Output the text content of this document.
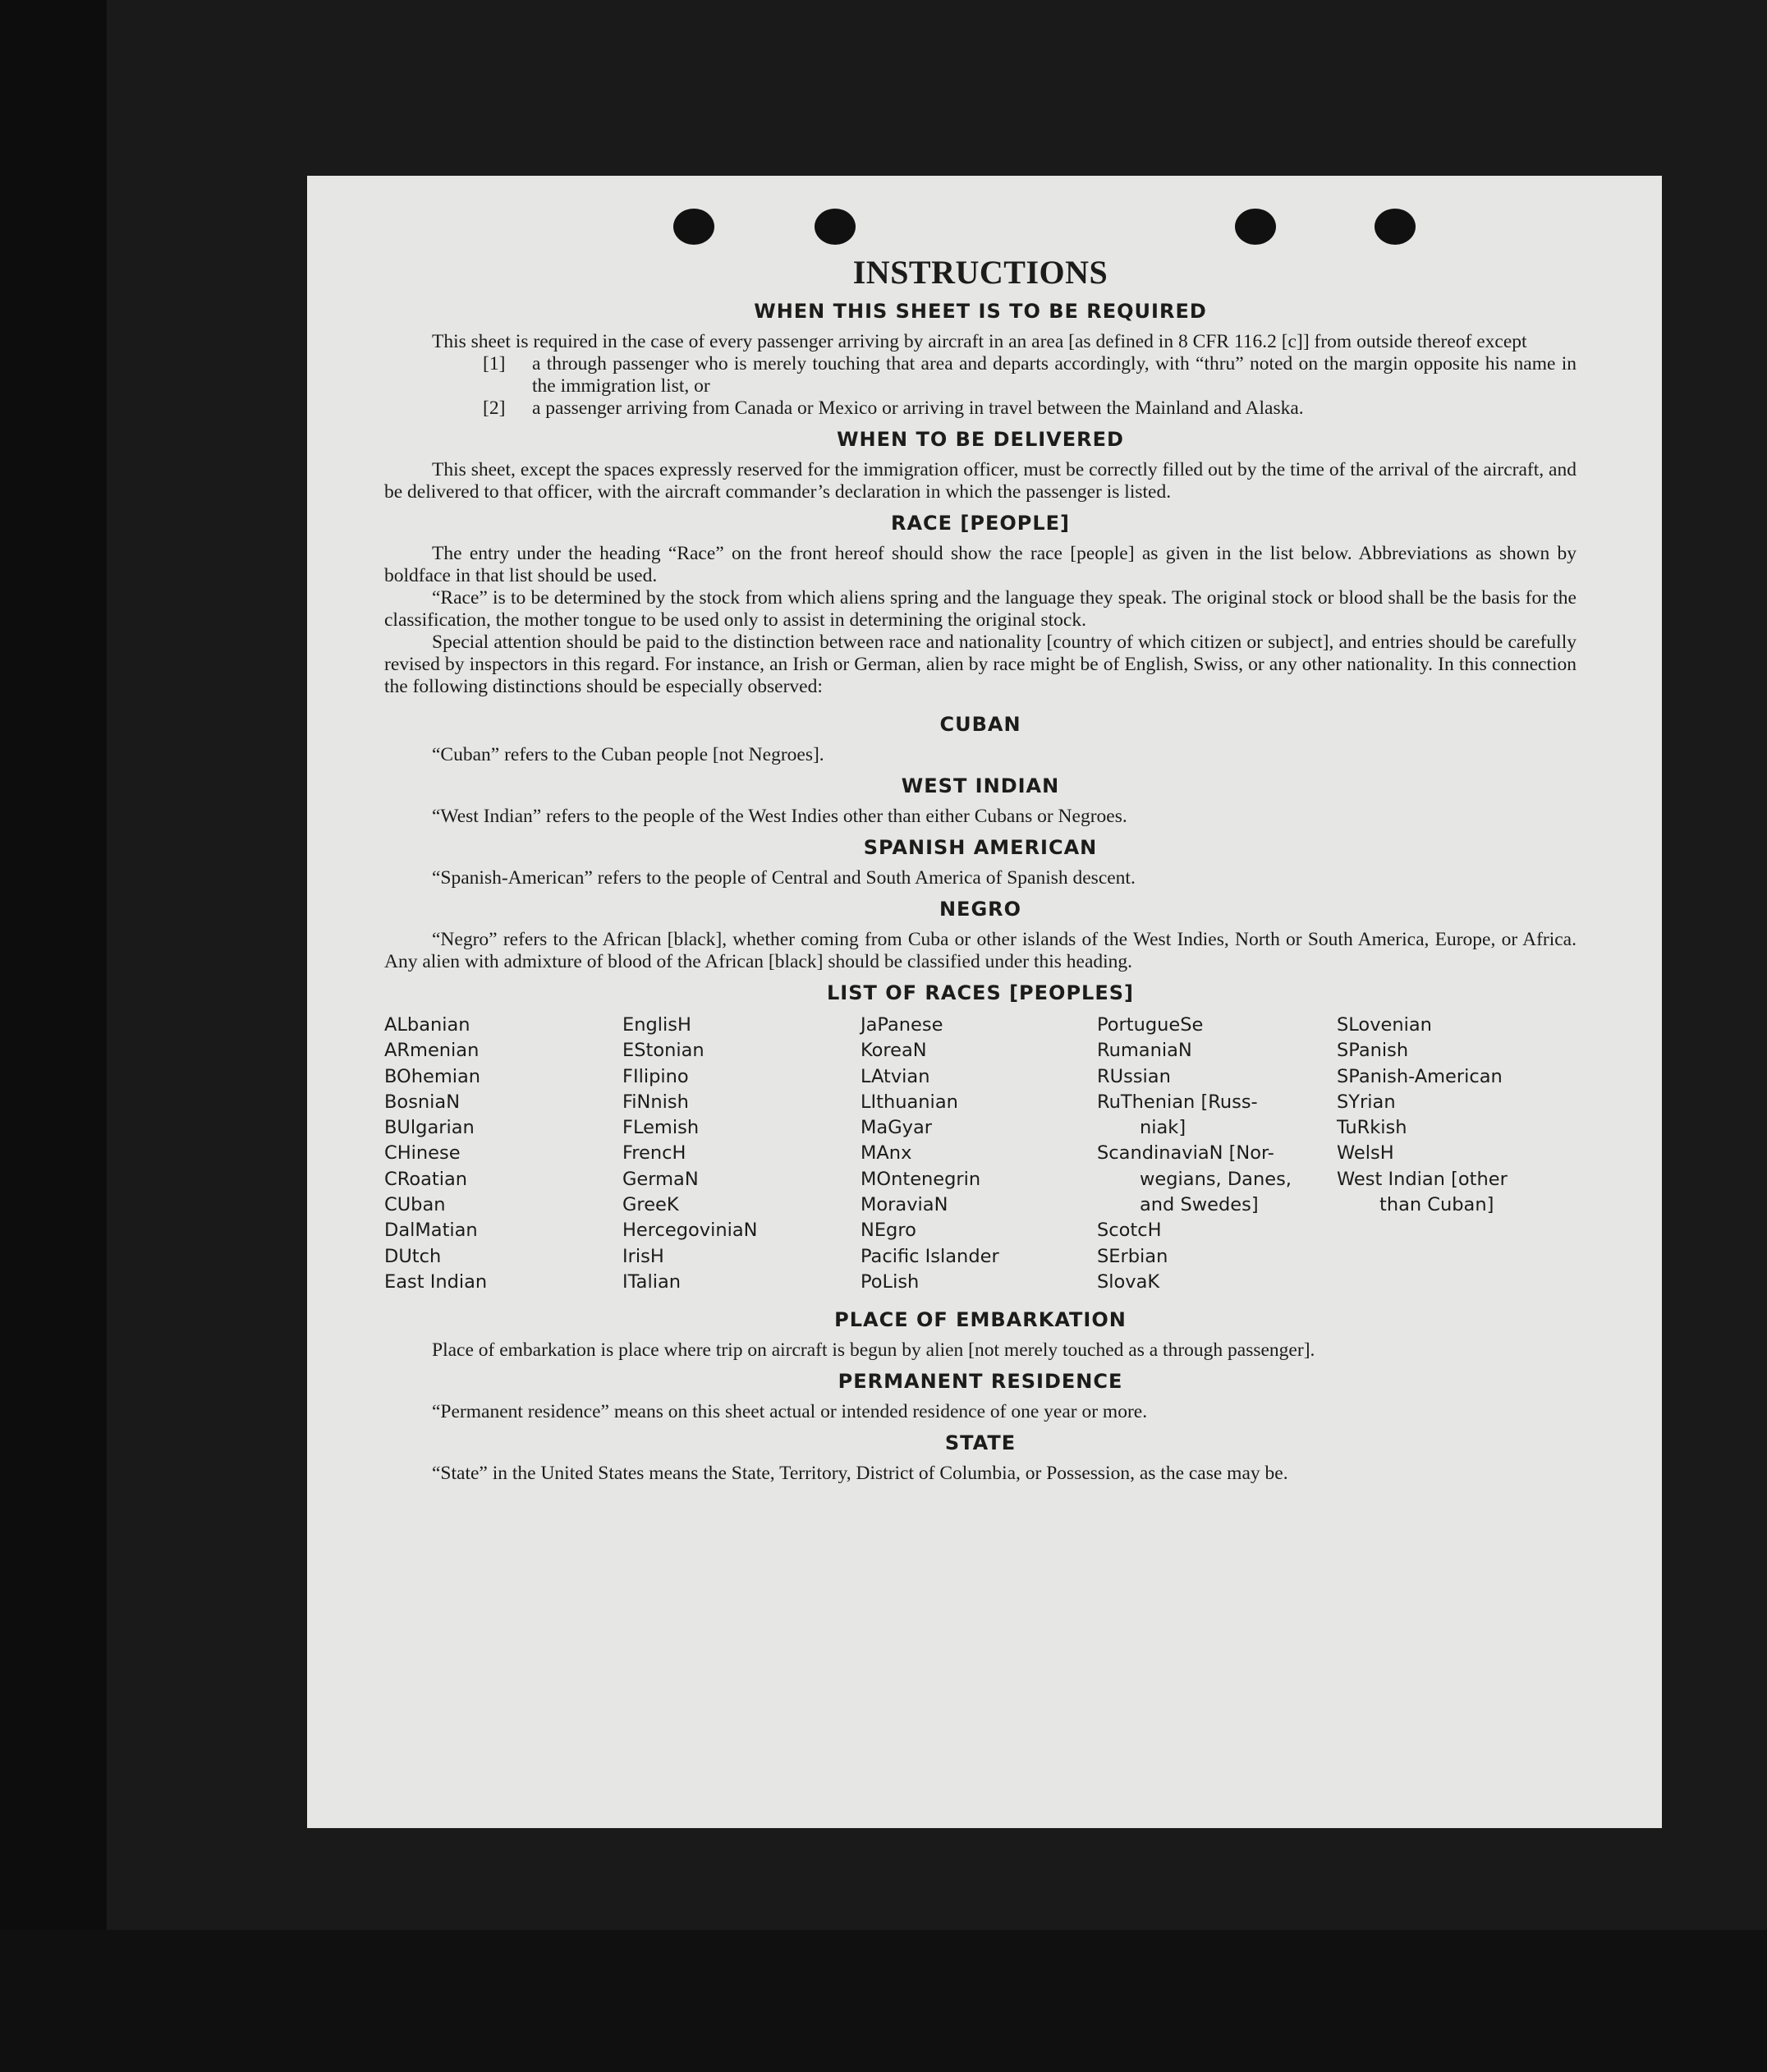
INSTRUCTIONS
WHEN THIS SHEET IS TO BE REQUIRED

This sheet is required in the case of every passenger arriving by aircraft in an area [as defined in 8 CFR 116.2 [c]] from outside thereof except

[1]	a through passenger who is merely touching that area and departs accordingly, with “thru” noted on the margin opposite his name in the immigration list, or
[2]	a passenger arriving from Canada or Mexico or arriving in travel between the Mainland and Alaska.
WHEN TO BE DELIVERED

This sheet, except the spaces expressly reserved for the immigration officer, must be correctly filled out by the time of the arrival of the aircraft, and be delivered to that officer, with the aircraft commander’s declaration in which the passenger is listed.

RACE [PEOPLE]

The entry under the heading “Race” on the front hereof should show the race [people] as given in the list below. Abbreviations as shown by boldface in that list should be used.

“Race” is to be determined by the stock from which aliens spring and the language they speak. The original stock or blood shall be the basis for the classification, the mother tongue to be used only to assist in determining the original stock.

Special attention should be paid to the distinction between race and nationality [country of which citizen or subject], and entries should be carefully revised by inspectors in this regard. For instance, an Irish or German, alien by race might be of English, Swiss, or any other nationality. In this connection the following distinctions should be especially observed:

CUBAN

“Cuban” refers to the Cuban people [not Negroes].

WEST INDIAN

“West Indian” refers to the people of the West Indies other than either Cubans or Negroes.

SPANISH AMERICAN

“Spanish-American” refers to the people of Central and South America of Spanish descent.

NEGRO

“Negro” refers to the African [black], whether coming from Cuba or other islands of the West Indies, North or South America, Europe, or Africa. Any alien with admixture of blood of the African [black] should be classified under this heading.

LIST OF RACES [PEOPLES]
ALbanian
ARmenian
BOhemian
BosniaN
BUlgarian
CHinese
CRoatian
CUban
DalMatian
DUtch
East Indian
EnglisH
EStonian
FIlipino
FiNnish
FLemish
FrencH
GermaN
GreeK
HercegoviniaN
IrisH
ITalian
JaPanese
KoreaN
LAtvian
LIthuanian
MaGyar
MAnx
MOntenegrin
MoraviaN
NEgro
Pacific Islander
PoLish
PortugueSe
RumaniaN
RUssian
RuThenian [Russ-
niak]
ScandinaviaN [Nor-
wegians, Danes,
and Swedes]
ScotcH
SErbian
SlovaK
SLovenian
SPanish
SPanish-American
SYrian
TuRkish
WelsH
West Indian [other
than Cuban]
PLACE OF EMBARKATION

Place of embarkation is place where trip on aircraft is begun by alien [not merely touched as a through passenger].

PERMANENT RESIDENCE

“Permanent residence” means on this sheet actual or intended residence of one year or more.

STATE

“State” in the United States means the State, Territory, District of Columbia, or Possession, as the case may be.
